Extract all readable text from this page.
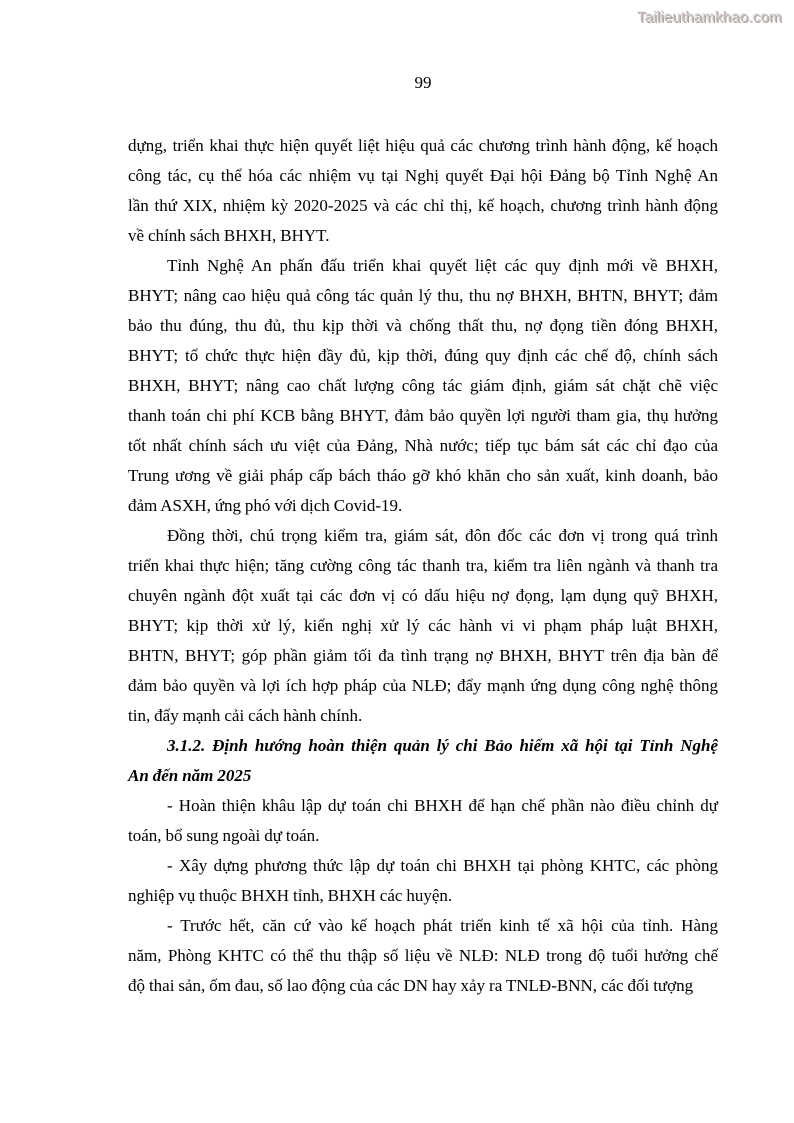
Tailieuthamkhao.com
99
dựng, triển khai thực hiện quyết liệt hiệu quả các chương trình hành động, kế hoạch
công tác, cụ thể hóa các nhiệm vụ tại Nghị quyết Đại hội Đảng bộ Tỉnh Nghệ An
lần thứ XIX, nhiệm kỳ 2020-2025 và các chỉ thị, kế hoạch, chương trình hành động
về chính sách BHXH, BHYT.
Tỉnh Nghệ An phấn đấu triển khai quyết liệt các quy định mới về BHXH,
BHYT; nâng cao hiệu quả công tác quản lý thu, thu nợ BHXH, BHTN, BHYT; đảm
bảo thu đúng, thu đủ, thu kịp thời và chống thất thu, nợ đọng tiền đóng BHXH,
BHYT; tổ chức thực hiện đầy đủ, kịp thời, đúng quy định các chế độ, chính sách
BHXH, BHYT; nâng cao chất lượng công tác giám định, giám sát chặt chẽ việc
thanh toán chi phí KCB bằng BHYT, đảm bảo quyền lợi người tham gia, thụ hưởng
tốt nhất chính sách ưu việt của Đảng, Nhà nước; tiếp tục bám sát các chỉ đạo của
Trung ương về giải pháp cấp bách tháo gỡ khó khăn cho sản xuất, kinh doanh, bảo
đảm ASXH, ứng phó với dịch Covid-19.
Đồng thời, chú trọng kiểm tra, giám sát, đôn đốc các đơn vị trong quá trình
triển khai thực hiện; tăng cường công tác thanh tra, kiểm tra liên ngành và thanh tra
chuyên ngành đột xuất tại các đơn vị có dấu hiệu nợ đọng, lạm dụng quỹ BHXH,
BHYT; kịp thời xử lý, kiến nghị xử lý các hành vi vi phạm pháp luật BHXH,
BHTN, BHYT; góp phần giảm tối đa tình trạng nợ BHXH, BHYT trên địa bàn để
đảm bảo quyền và lợi ích hợp pháp của NLĐ; đẩy mạnh ứng dụng công nghệ thông
tin, đẩy mạnh cải cách hành chính.
3.1.2. Định hướng hoàn thiện quản lý chi Bảo hiểm xã hội tại Tỉnh Nghệ
An đến năm 2025
- Hoàn thiện khâu lập dự toán chi BHXH để hạn chế phần nào điều chỉnh dự
toán, bổ sung ngoài dự toán.
- Xây dựng phương thức lập dự toán chi BHXH tại phòng KHTC, các phòng
nghiệp vụ thuộc BHXH tỉnh, BHXH các huyện.
- Trước hết, căn cứ vào kế hoạch phát triển kinh tế xã hội của tỉnh. Hàng
năm, Phòng KHTC có thể thu thập số liệu về NLĐ: NLĐ trong độ tuổi hưởng chế
độ thai sản, ốm đau, số lao động của các DN hay xảy ra TNLĐ-BNN, các đối tượng
